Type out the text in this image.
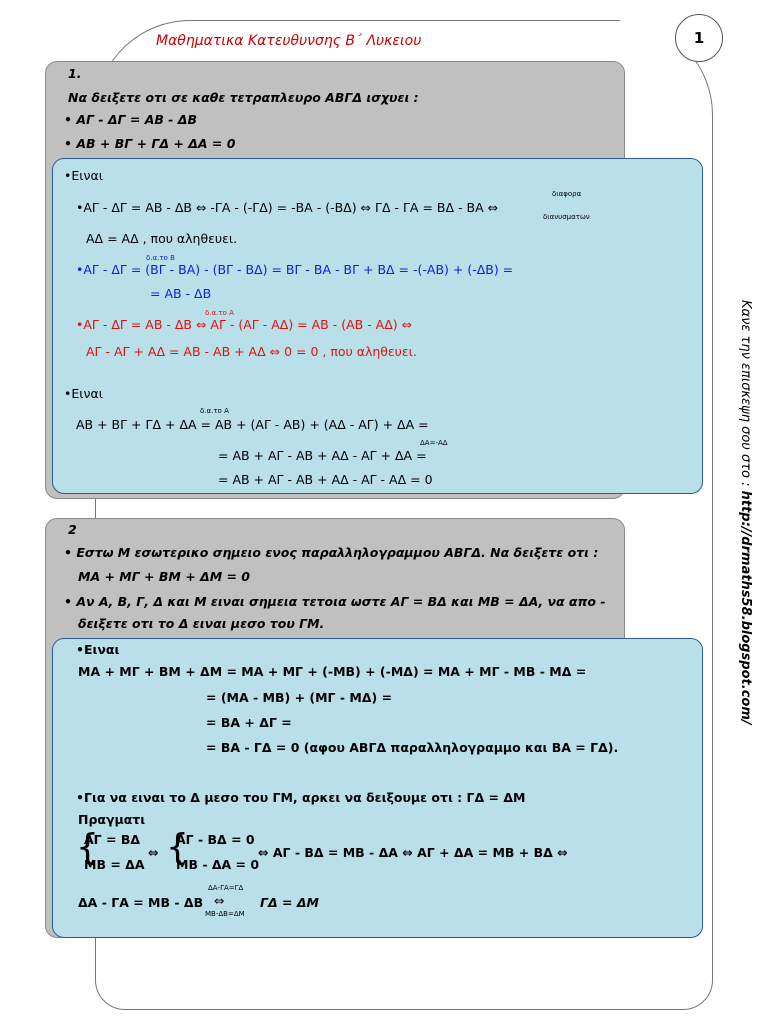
1
Μαθηματικα Κατευθυνσης Β΄ Λυκειου
Κανε την επισκεψη σου στο : http://drmaths58.blogspot.com/
1.
Να δειξετε οτι σε καθε τετραπλευρο ΑΒΓΔ ισχυει :
• ΑΓ - ΔΓ = ΑΒ - ΔΒ
• ΑΒ + ΒΓ + ΓΔ + ΔΑ = 0
•Ειναι
•ΑΓ - ΔΓ = ΑΒ - ΔΒ ⇔ -ΓΑ - (-ΓΔ) = -ΒΑ - (-ΒΔ) ⇔ ΓΔ - ΓΑ = ΒΔ - ΒΑ ⇔
διαφορα
διανυσματων
ΑΔ = ΑΔ , που αληθευει.
δ.α.το Β
•ΑΓ - ΔΓ = (ΒΓ - ΒΑ) - (ΒΓ - ΒΔ) = ΒΓ - ΒΑ - ΒΓ + ΒΔ = -(-ΑΒ) + (-ΔΒ) =
= ΑΒ - ΔΒ
δ.α.το Α
•ΑΓ - ΔΓ = ΑΒ - ΔΒ ⇔ ΑΓ - (ΑΓ - ΑΔ) = ΑΒ - (ΑΒ - ΑΔ) ⇔
ΑΓ - ΑΓ + ΑΔ = ΑΒ - ΑΒ + ΑΔ ⇔ 0 = 0 , που αληθευει.
•Ειναι
δ.α.το Α
ΑΒ + ΒΓ + ΓΔ + ΔΑ = ΑΒ + (ΑΓ - ΑΒ) + (ΑΔ - ΑΓ) + ΔΑ =
ΔΑ=-ΑΔ
= ΑΒ + ΑΓ - ΑΒ + ΑΔ - ΑΓ + ΔΑ =
= ΑΒ + ΑΓ - ΑΒ + ΑΔ - ΑΓ - ΑΔ = 0
2
• Εστω Μ εσωτερικο σημειο ενος παραλληλογραμμου ΑΒΓΔ. Να δειξετε οτι :
ΜΑ + ΜΓ + ΒΜ + ΔΜ = 0
• Αν Α, Β, Γ, Δ και Μ ειναι σημεια τετοια ωστε ΑΓ = ΒΔ και ΜΒ = ΔΑ, να απο -
δειξετε οτι το Δ ειναι μεσο του ΓΜ.
•Ειναι
ΜΑ + ΜΓ + ΒΜ + ΔΜ = ΜΑ + ΜΓ + (-ΜΒ) + (-ΜΔ) = ΜΑ + ΜΓ - ΜΒ - ΜΔ =
= (ΜΑ - ΜΒ) + (ΜΓ - ΜΔ) =
= ΒΑ + ΔΓ =
= ΒΑ - ΓΔ = 0 (αφου ΑΒΓΔ παραλληλογραμμο και ΒΑ = ΓΔ).
•Για να ειναι το Δ μεσο του ΓΜ, αρκει να δειξουμε οτι : ΓΔ = ΔΜ
Πραγματι
{
ΑΓ = ΒΔ
ΜΒ = ΔΑ
⇔ {
ΑΓ - ΒΔ = 0
ΜΒ - ΔΑ = 0
⇔ ΑΓ - ΒΔ = ΜΒ - ΔΑ ⇔ ΑΓ + ΔΑ = ΜΒ + ΒΔ ⇔
ΔΑ - ΓΑ = ΜΒ - ΔΒ
ΔΑ-ΓΑ=ΓΔ
⇔
ΜΒ-ΔΒ=ΔΜ
ΓΔ = ΔΜ
